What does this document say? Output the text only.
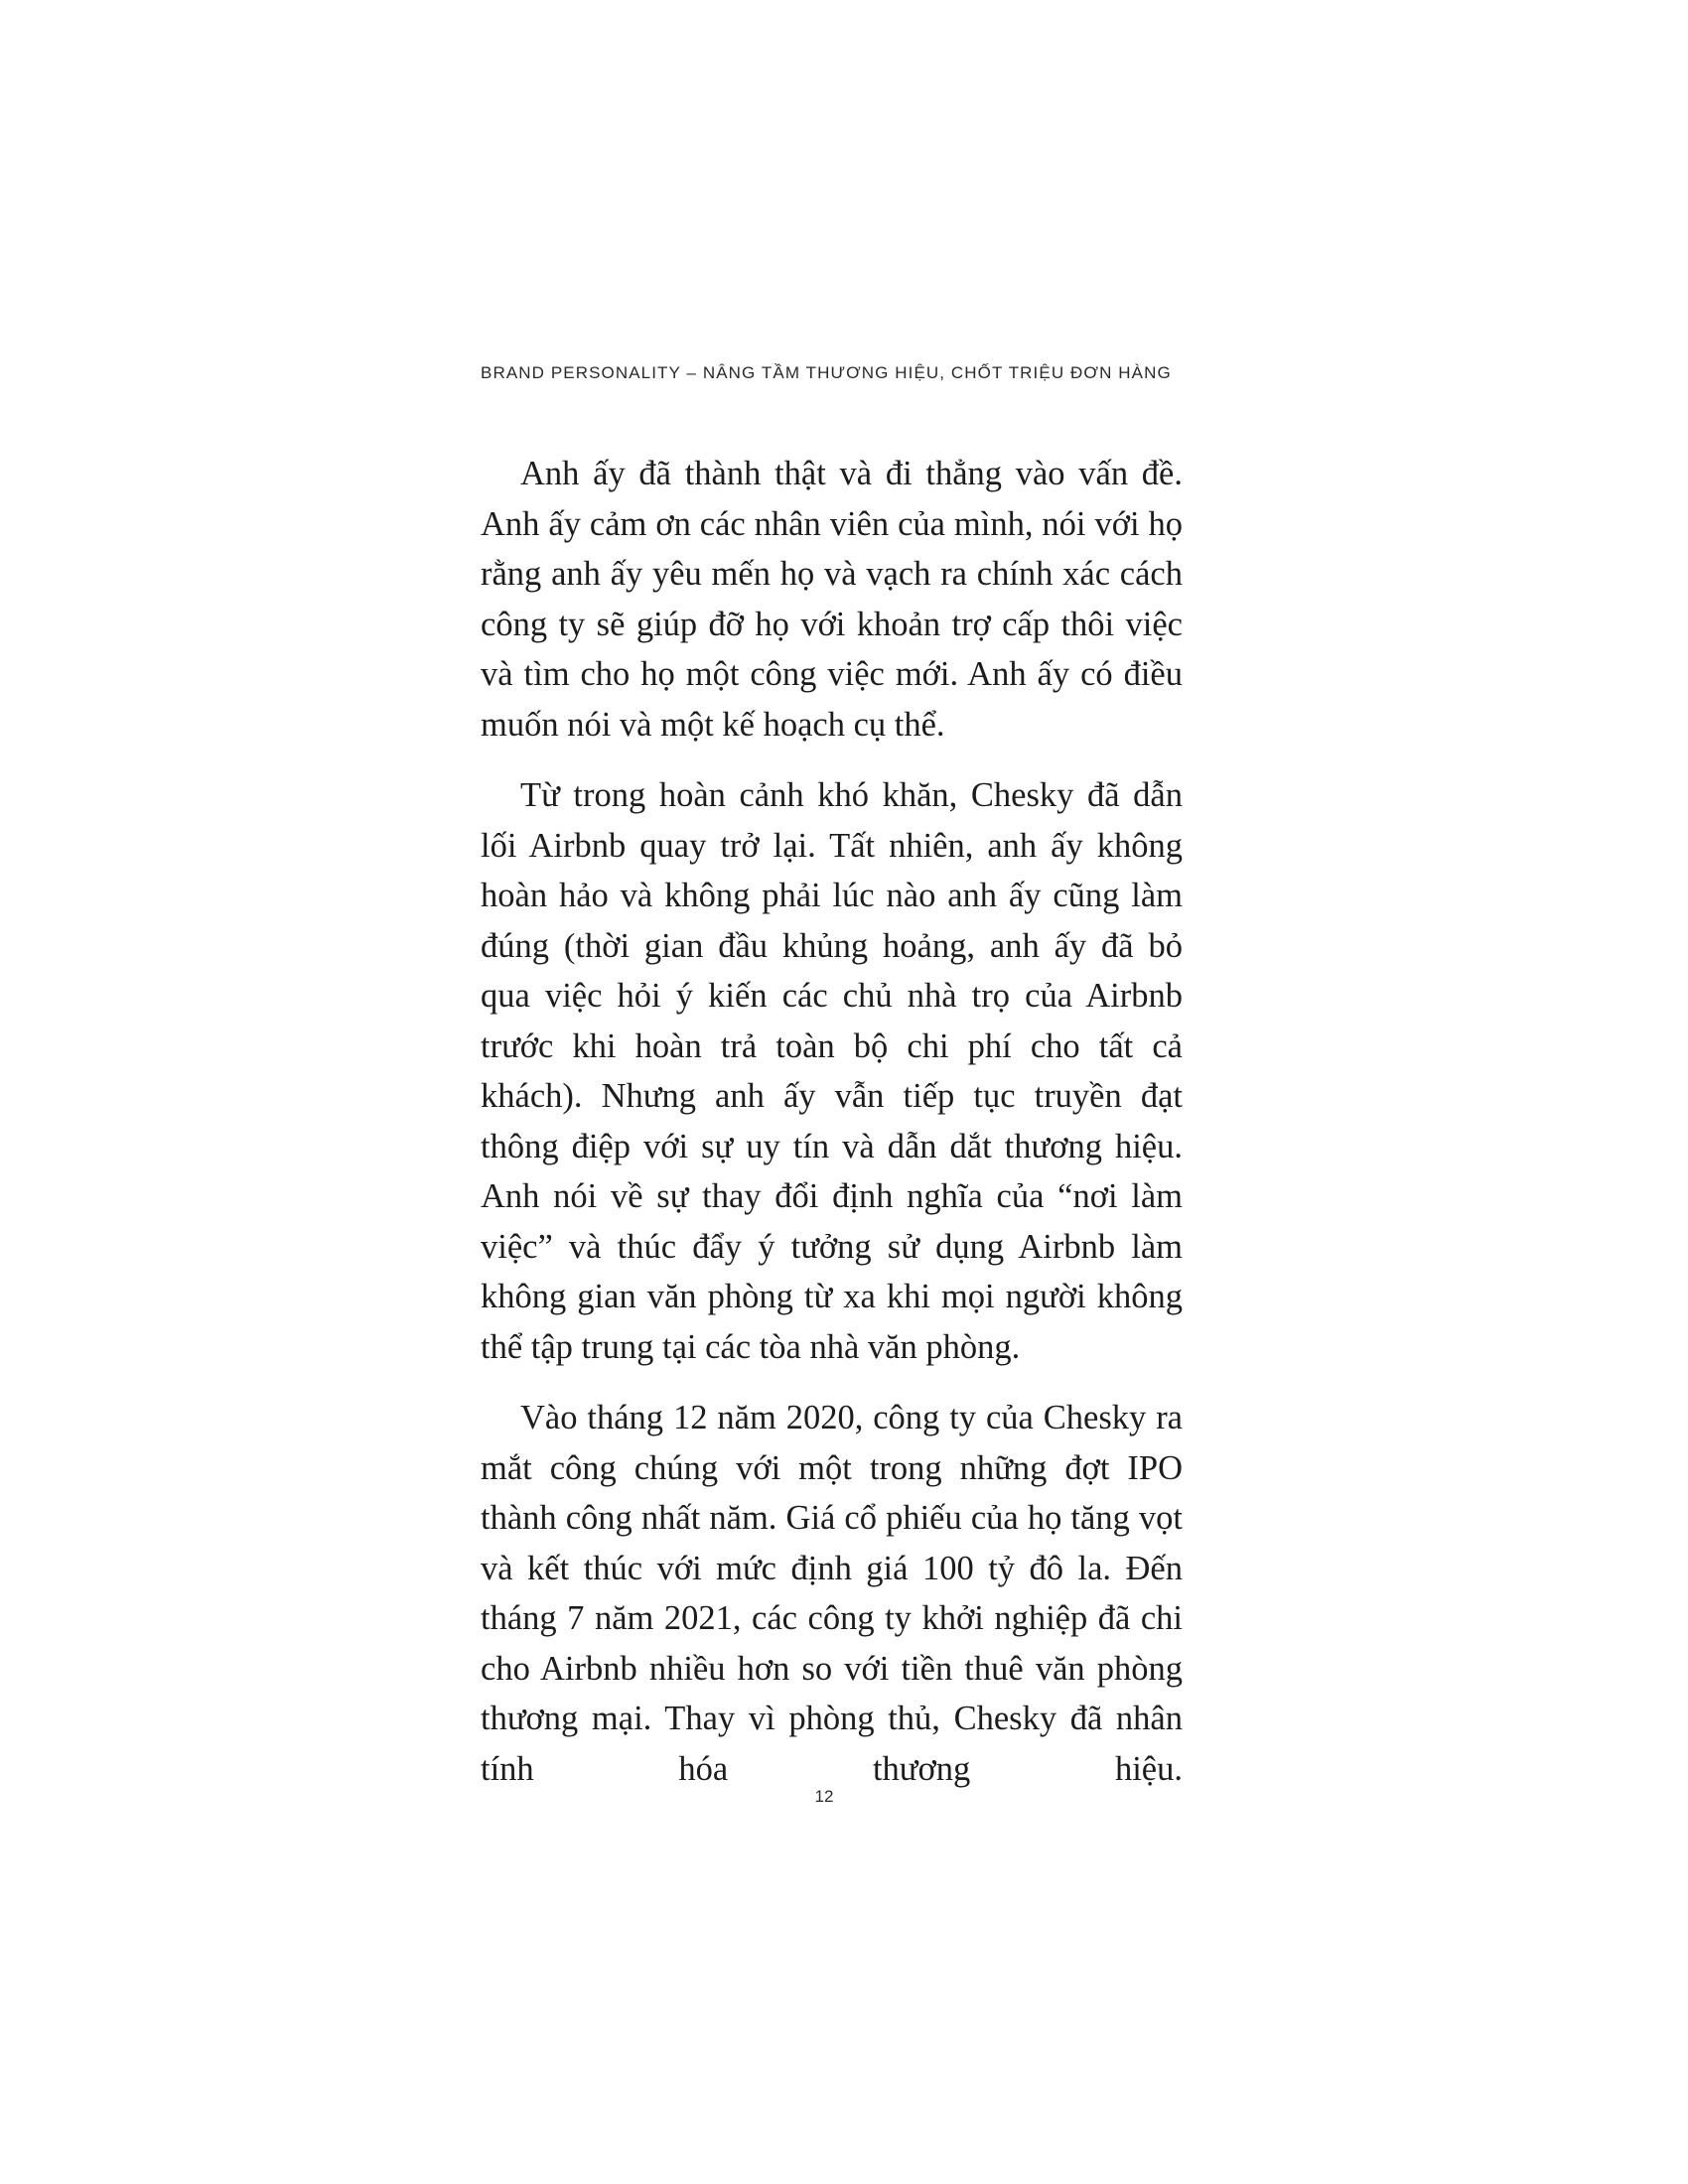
BRAND PERSONALITY – NÂNG TẦM THƯƠNG HIỆU, CHỐT TRIỆU ĐƠN HÀNG

Anh ấy đã thành thật và đi thẳng vào vấn đề. Anh ấy cảm ơn các nhân viên của mình, nói với họ rằng anh ấy yêu mến họ và vạch ra chính xác cách công ty sẽ giúp đỡ họ với khoản trợ cấp thôi việc và tìm cho họ một công việc mới. Anh ấy có điều muốn nói và một kế hoạch cụ thể.

Từ trong hoàn cảnh khó khăn, Chesky đã dẫn lối Airbnb quay trở lại. Tất nhiên, anh ấy không hoàn hảo và không phải lúc nào anh ấy cũng làm đúng (thời gian đầu khủng hoảng, anh ấy đã bỏ qua việc hỏi ý kiến các chủ nhà trọ của Airbnb trước khi hoàn trả toàn bộ chi phí cho tất cả khách). Nhưng anh ấy vẫn tiếp tục truyền đạt thông điệp với sự uy tín và dẫn dắt thương hiệu. Anh nói về sự thay đổi định nghĩa của “nơi làm việc” và thúc đẩy ý tưởng sử dụng Airbnb làm không gian văn phòng từ xa khi mọi người không thể tập trung tại các tòa nhà văn phòng.

Vào tháng 12 năm 2020, công ty của Chesky ra mắt công chúng với một trong những đợt IPO thành công nhất năm. Giá cổ phiếu của họ tăng vọt và kết thúc với mức định giá 100 tỷ đô la. Đến tháng 7 năm 2021, các công ty khởi nghiệp đã chi cho Airbnb nhiều hơn so với tiền thuê văn phòng thương mại. Thay vì phòng thủ, Chesky đã nhân tính hóa thương hiệu.

12
